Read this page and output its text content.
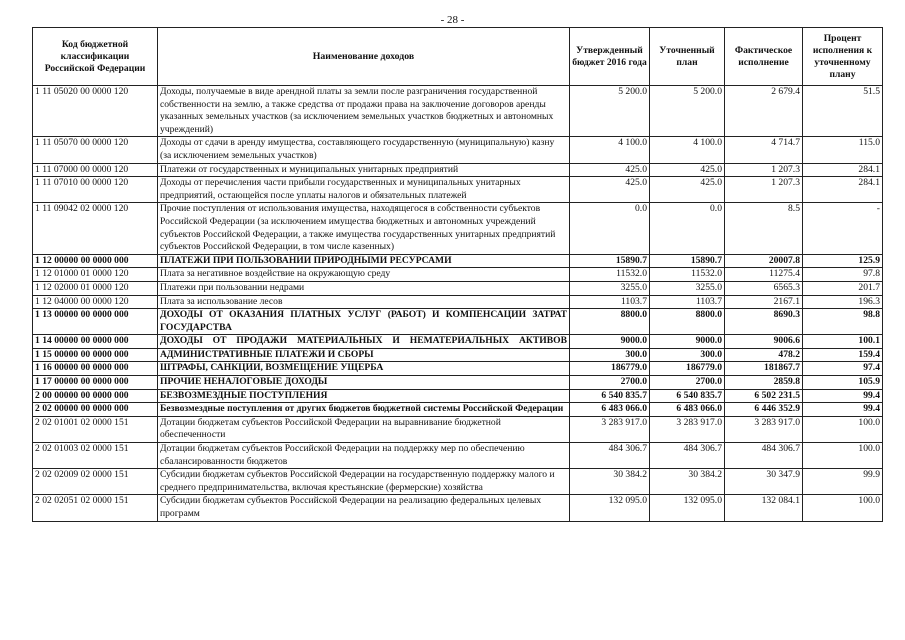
- 28 -
Код бюджетной классификации Российской Федерации	Наименование доходов	Утвержденный бюджет 2016 года	Уточненный план	Фактическое исполнение	Процент исполнения к уточненному плану
1 11 05020 00 0000 120	Доходы, получаемые в виде арендной платы за земли после разграничения государственной собственности на землю, а также средства от продажи права на заключение договоров аренды указанных земельных участков (за исключением земельных участков бюджетных и автономных учреждений)	5 200.0	5 200.0	2 679.4	51.5
1 11 05070 00 0000 120	Доходы от сдачи в аренду имущества, составляющего государственную (муниципальную) казну (за исключением земельных участков)	4 100.0	4 100.0	4 714.7	115.0
1 11 07000 00 0000 120	Платежи от государственных и муниципальных унитарных предприятий	425.0	425.0	1 207.3	284.1
1 11 07010 00 0000 120	Доходы от перечисления части прибыли государственных и муниципальных унитарных предприятий, остающейся после уплаты налогов и обязательных платежей	425.0	425.0	1 207.3	284.1
1 11 09042 02 0000 120	Прочие поступления от использования имущества, находящегося в собственности субъектов Российской Федерации (за исключением имущества бюджетных и автономных учреждений субъектов Российской Федерации, а также имущества государственных унитарных предприятий субъектов Российской Федерации, в том числе казенных)	0.0	0.0	8.5	-
1 12 00000 00 0000 000	ПЛАТЕЖИ ПРИ ПОЛЬЗОВАНИИ ПРИРОДНЫМИ РЕСУРСАМИ	15890.7	15890.7	20007.8	125.9
1 12 01000 01 0000 120	Плата за негативное воздействие на окружающую среду	11532.0	11532.0	11275.4	97.8
1 12 02000 01 0000 120	Платежи при пользовании недрами	3255.0	3255.0	6565.3	201.7
1 12 04000 00 0000 120	Плата за использование лесов	1103.7	1103.7	2167.1	196.3
1 13 00000 00 0000 000	ДОХОДЫ ОТ ОКАЗАНИЯ ПЛАТНЫХ УСЛУГ (РАБОТ) И КОМПЕНСАЦИИ ЗАТРАТ ГОСУДАРСТВА	8800.0	8800.0	8690.3	98.8
1 14 00000 00 0000 000	ДОХОДЫ ОТ ПРОДАЖИ МАТЕРИАЛЬНЫХ И НЕМАТЕРИАЛЬНЫХ АКТИВОВ	9000.0	9000.0	9006.6	100.1
1 15 00000 00 0000 000	АДМИНИСТРАТИВНЫЕ ПЛАТЕЖИ И СБОРЫ	300.0	300.0	478.2	159.4
1 16 00000 00 0000 000	ШТРАФЫ, САНКЦИИ, ВОЗМЕЩЕНИЕ УЩЕРБА	186779.0	186779.0	181867.7	97.4
1 17 00000 00 0000 000	ПРОЧИЕ НЕНАЛОГОВЫЕ ДОХОДЫ	2700.0	2700.0	2859.8	105.9
2 00 00000 00 0000 000	БЕЗВОЗМЕЗДНЫЕ ПОСТУПЛЕНИЯ	6 540 835.7	6 540 835.7	6 502 231.5	99.4
2 02 00000 00 0000 000	Безвозмездные поступления от других бюджетов бюджетной системы Российской Федерации	6 483 066.0	6 483 066.0	6 446 352.9	99.4
2 02 01001 02 0000 151	Дотации бюджетам субъектов Российской Федерации на выравнивание бюджетной обеспеченности	3 283 917.0	3 283 917.0	3 283 917.0	100.0
2 02 01003 02 0000 151	Дотации бюджетам субъектов Российской Федерации на поддержку мер по обеспечению сбалансированности бюджетов	484 306.7	484 306.7	484 306.7	100.0
2 02 02009 02 0000 151	Субсидии бюджетам субъектов Российской Федерации на государственную поддержку малого и среднего предпринимательства, включая крестьянские (фермерские) хозяйства	30 384.2	30 384.2	30 347.9	99.9
2 02 02051 02 0000 151	Субсидии бюджетам субъектов Российской Федерации на реализацию федеральных целевых программ	132 095.0	132 095.0	132 084.1	100.0
